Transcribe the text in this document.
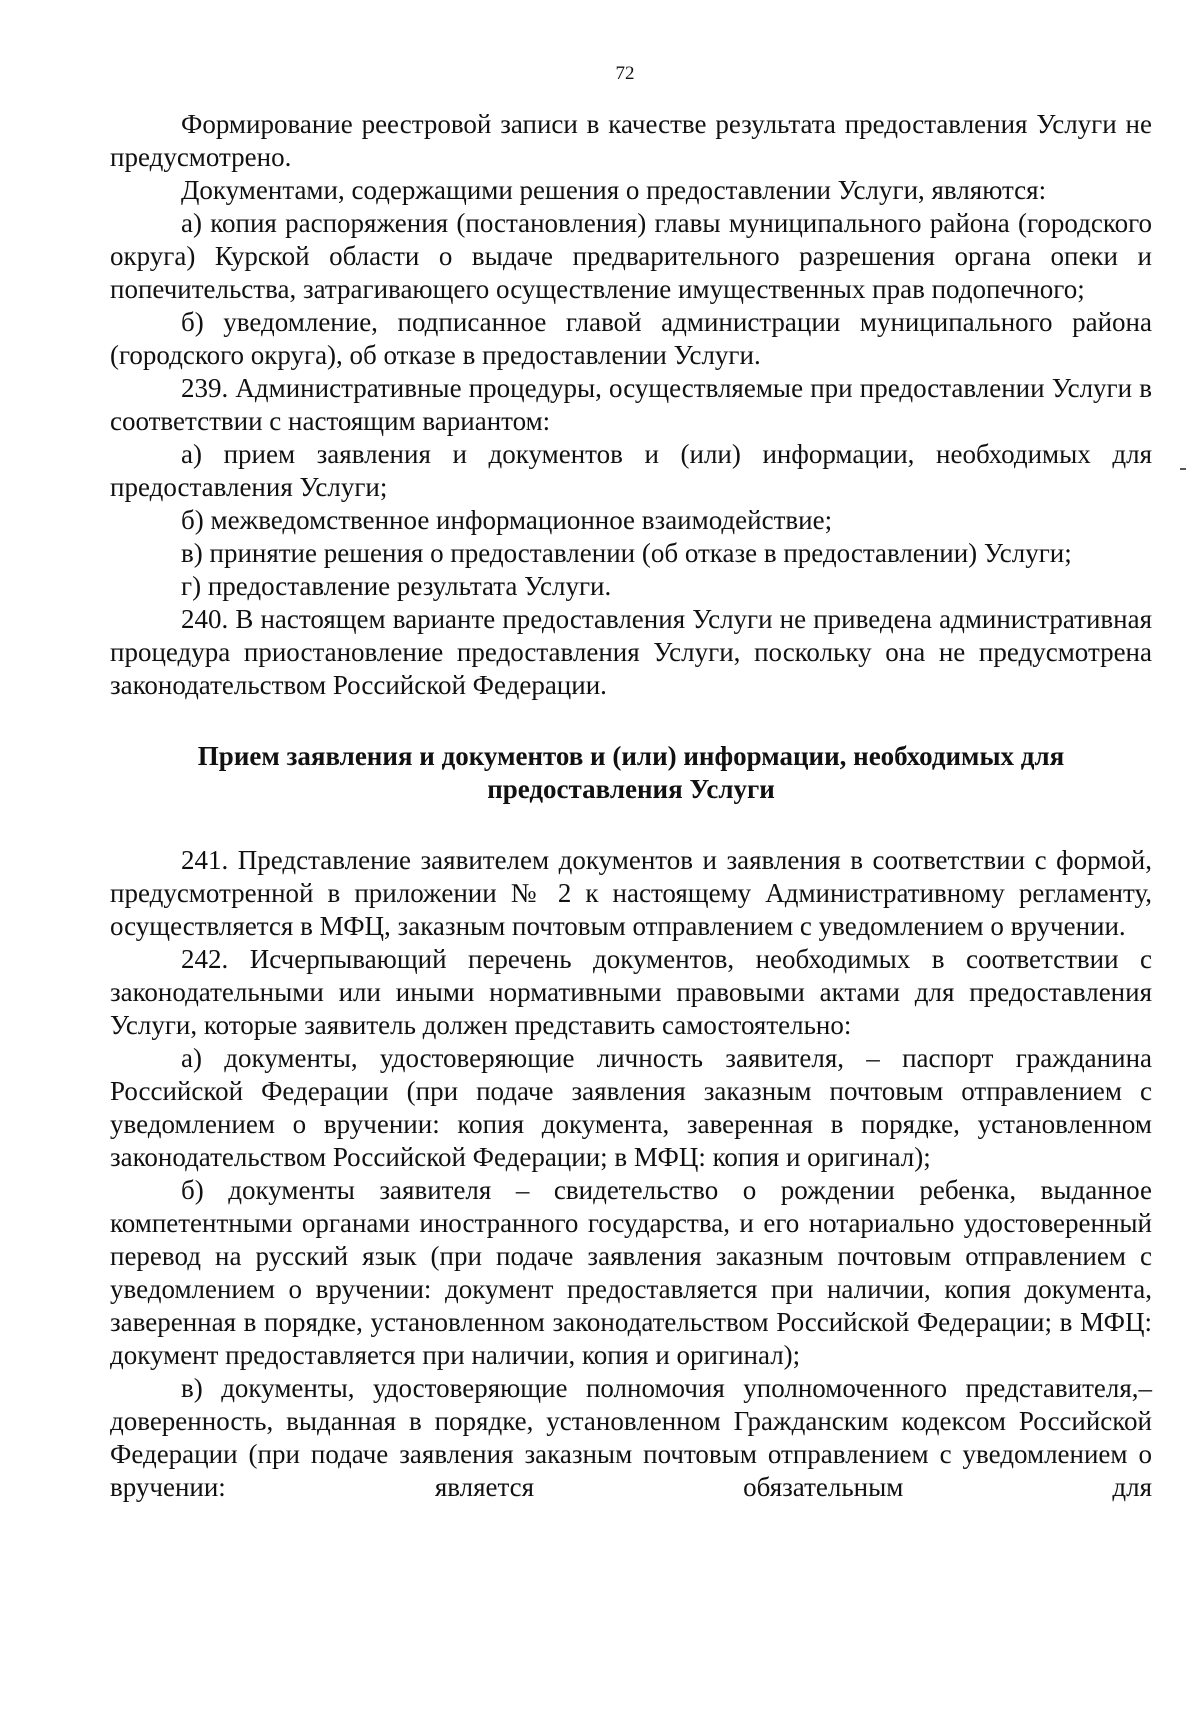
72

Формирование реестровой записи в качестве результата предоставления Услуги не предусмотрено.

Документами, содержащими решения о предоставлении Услуги, являются:

а) копия распоряжения (постановления) главы муниципального района (городского округа) Курской области о выдаче предварительного разрешения органа опеки и попечительства, затрагивающего осуществление имущественных прав подопечного;

б) уведомление, подписанное главой администрации муниципального района (городского округа), об отказе в предоставлении Услуги.

239. Административные процедуры, осуществляемые при предоставлении Услуги в соответствии с настоящим вариантом:

а) прием заявления и документов и (или) информации, необходимых для предоставления Услуги;

б) межведомственное информационное взаимодействие;

в) принятие решения о предоставлении (об отказе в предоставлении) Услуги;

г) предоставление результата Услуги.

240. В настоящем варианте предоставления Услуги не приведена административная процедура приостановление предоставления Услуги, поскольку она не предусмотрена законодательством Российской Федерации.

Прием заявления и документов и (или) информации, необходимых для
предоставления Услуги

241. Представление заявителем документов и заявления в соответствии с формой, предусмотренной в приложении № 2 к настоящему Административному регламенту, осуществляется в МФЦ, заказным почтовым отправлением с уведомлением о вручении.

242. Исчерпывающий перечень документов, необходимых в соответствии с законодательными или иными нормативными правовыми актами для предоставления Услуги, которые заявитель должен представить самостоятельно:

а) документы, удостоверяющие личность заявителя, – паспорт гражданина Российской Федерации (при подаче заявления заказным почтовым отправлением с уведомлением о вручении: копия документа, заверенная в порядке, установленном законодательством Российской Федерации; в МФЦ: копия и оригинал);

б) документы заявителя – свидетельство о рождении ребенка, выданное компетентными органами иностранного государства, и его нотариально удостоверенный перевод на русский язык (при подаче заявления заказным почтовым отправлением с уведомлением о вручении: документ предоставляется при наличии, копия документа, заверенная в порядке, установленном законодательством Российской Федерации; в МФЦ: документ предоставляется при наличии, копия и оригинал);

в) документы, удостоверяющие полномочия уполномоченного представителя,– доверенность, выданная в порядке, установленном Гражданским кодексом Российской Федерации (при подаче заявления заказным почтовым отправлением с уведомлением о вручении: является обязательным для
